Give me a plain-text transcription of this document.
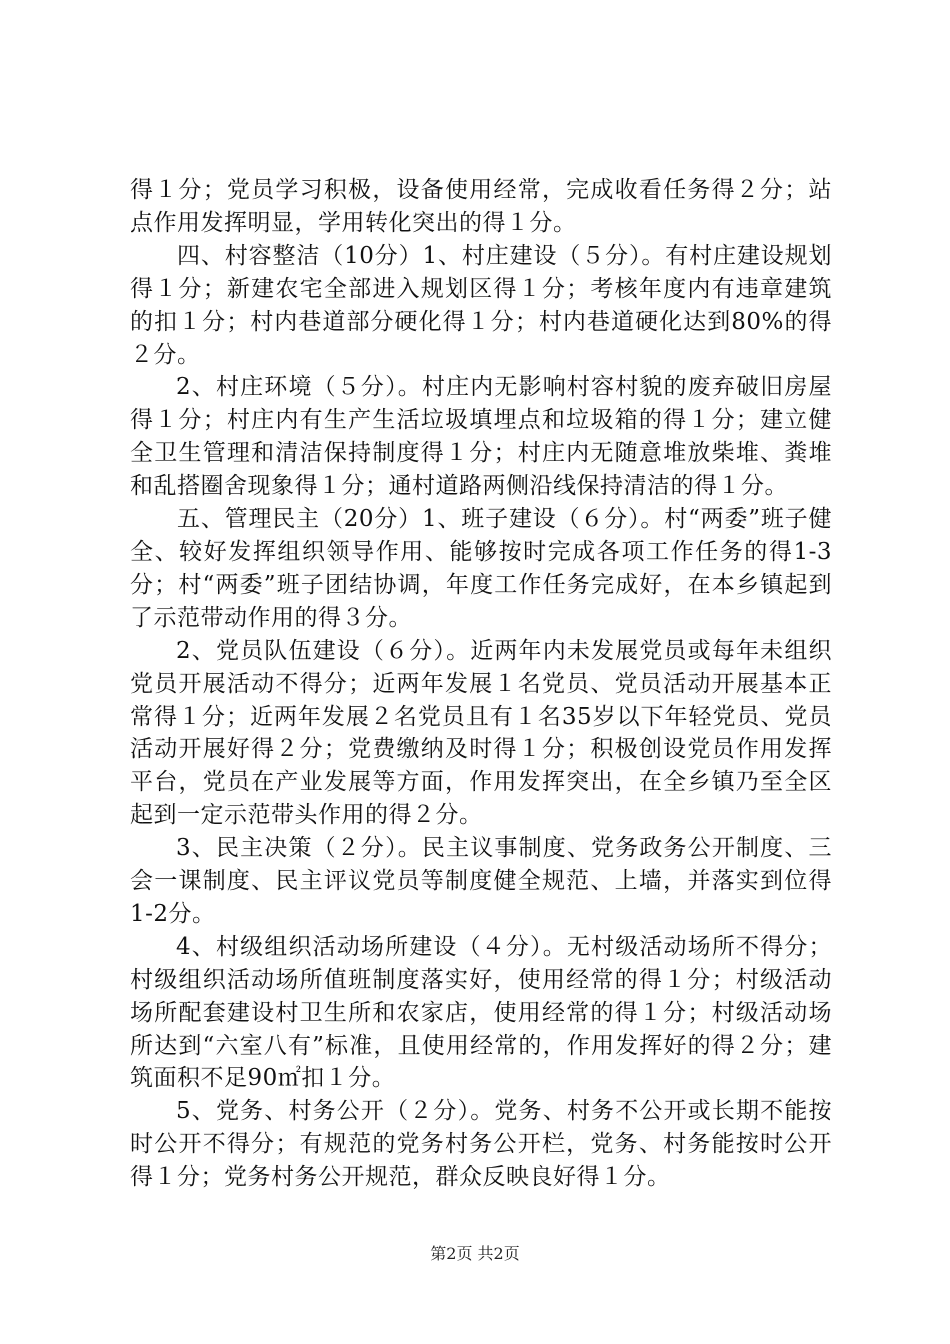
得１分；党员学习积极，设备使用经常，完成收看任务得２分；站点作用发挥明显，学用转化突出的得１分。

四、村容整洁（10分）1、村庄建设（５分）。有村庄建设规划得１分；新建农宅全部进入规划区得１分；考核年度内有违章建筑的扣１分；村内巷道部分硬化得１分；村内巷道硬化达到80%的得２分。

2、村庄环境（５分）。村庄内无影响村容村貌的废弃破旧房屋得１分；村庄内有生产生活垃圾填埋点和垃圾箱的得１分；建立健全卫生管理和清洁保持制度得１分；村庄内无随意堆放柴堆、粪堆和乱搭圈舍现象得１分；通村道路两侧沿线保持清洁的得１分。

五、管理民主（20分）1、班子建设（６分）。村“两委”班子健全、较好发挥组织领导作用、能够按时完成各项工作任务的得1-3分；村“两委”班子团结协调，年度工作任务完成好，在本乡镇起到了示范带动作用的得３分。

2、党员队伍建设（６分）。近两年内未发展党员或每年未组织党员开展活动不得分；近两年发展１名党员、党员活动开展基本正常得１分；近两年发展２名党员且有１名35岁以下年轻党员、党员活动开展好得２分；党费缴纳及时得１分；积极创设党员作用发挥平台，党员在产业发展等方面，作用发挥突出，在全乡镇乃至全区起到一定示范带头作用的得２分。

3、民主决策（２分）。民主议事制度、党务政务公开制度、三会一课制度、民主评议党员等制度健全规范、上墙，并落实到位得1-2分。

4、村级组织活动场所建设（４分）。无村级活动场所不得分；村级组织活动场所值班制度落实好，使用经常的得１分；村级活动场所配套建设村卫生所和农家店，使用经常的得１分；村级活动场所达到“六室八有”标准，且使用经常的，作用发挥好的得２分；建筑面积不足90㎡扣１分。

5、党务、村务公开（２分）。党务、村务不公开或长期不能按时公开不得分；有规范的党务村务公开栏，党务、村务能按时公开得１分；党务村务公开规范，群众反映良好得１分。

第2页 共2页
